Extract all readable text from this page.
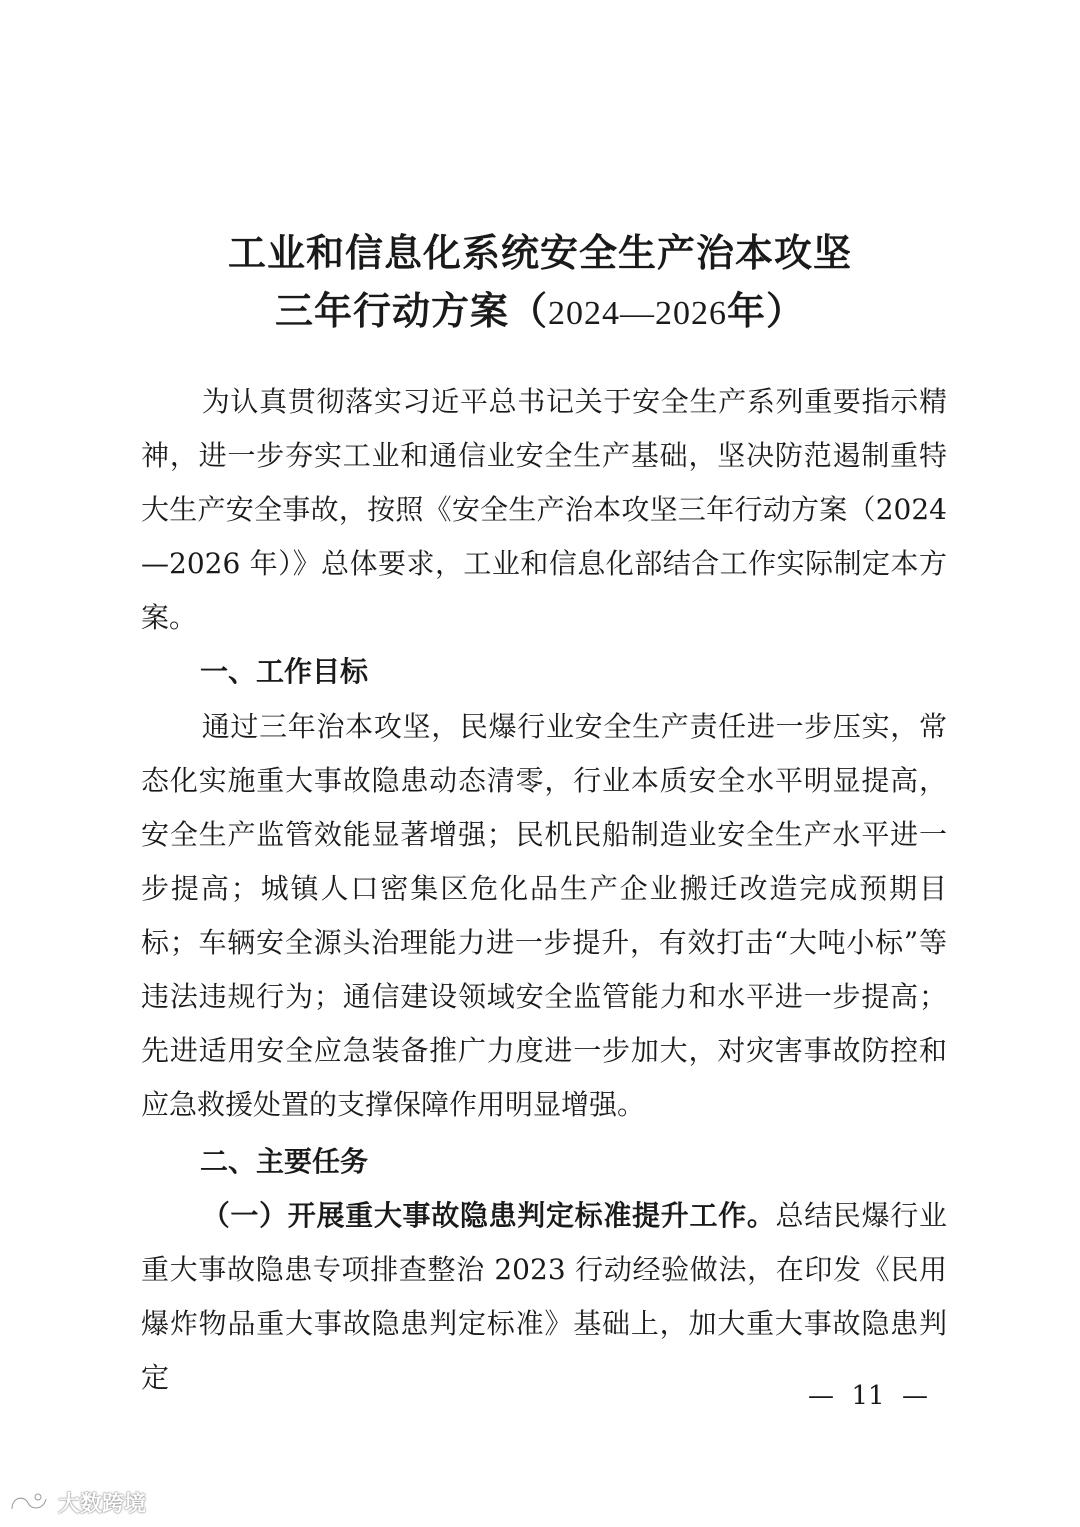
工业和信息化系统安全生产治本攻坚
三年行动方案（2024—2026年）

为认真贯彻落实习近平总书记关于安全生产系列重要指示精神，进一步夯实工业和通信业安全生产基础，坚决防范遏制重特大生产安全事故，按照《安全生产治本攻坚三年行动方案（2024—2026 年）》总体要求，工业和信息化部结合工作实际制定本方案。

一、工作目标

通过三年治本攻坚，民爆行业安全生产责任进一步压实，常态化实施重大事故隐患动态清零，行业本质安全水平明显提高，安全生产监管效能显著增强；民机民船制造业安全生产水平进一步提高；城镇人口密集区危化品生产企业搬迁改造完成预期目标；车辆安全源头治理能力进一步提升，有效打击“大吨小标”等违法违规行为；通信建设领域安全监管能力和水平进一步提高；先进适用安全应急装备推广力度进一步加大，对灾害事故防控和应急救援处置的支撑保障作用明显增强。

二、主要任务

（一）开展重大事故隐患判定标准提升工作。总结民爆行业重大事故隐患专项排查整治 2023 行动经验做法，在印发《民用爆炸物品重大事故隐患判定标准》基础上，加大重大事故隐患判定

— 11 —
大数跨境
